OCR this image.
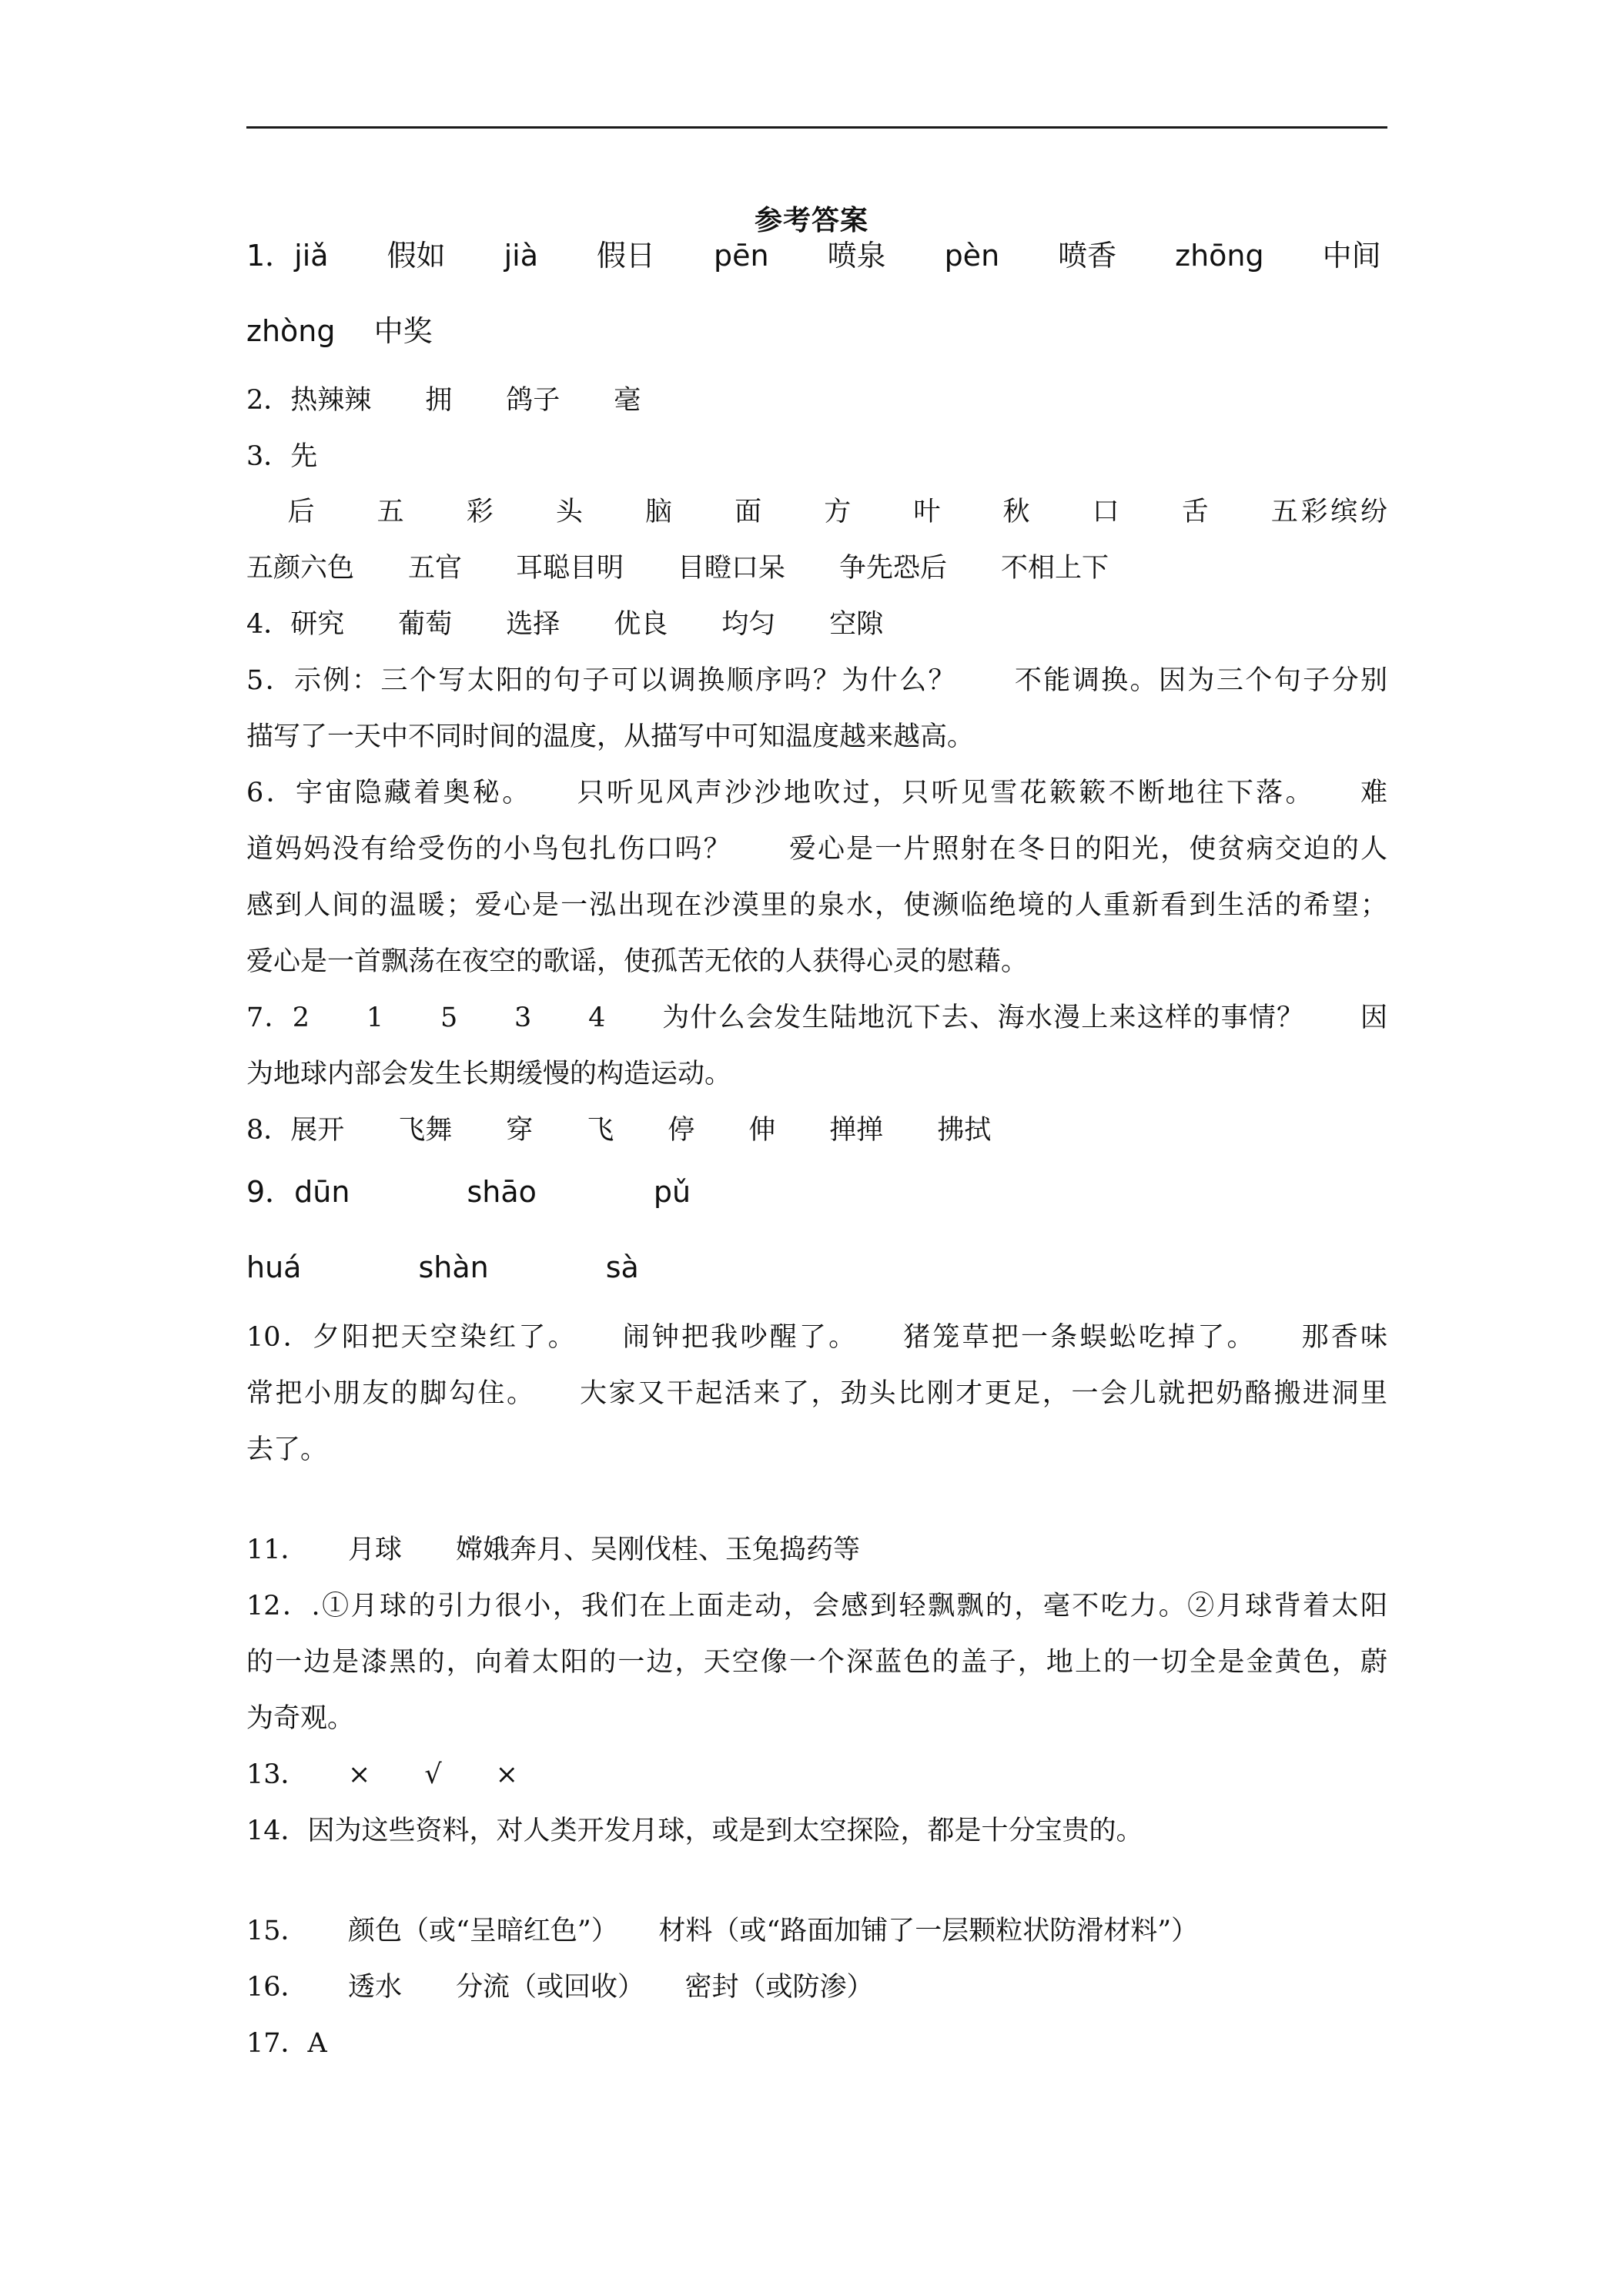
参考答案
1．jiǎ　　假如　　jià　　假日　　pēn　　喷泉　　pèn　　喷香　　zhōng　　中间
zhòng　 中奖
2．热辣辣　　拥　　鸽子　　毫
3．先
　 后　　五　　彩　　头　　脑　　面　　方　　叶　　秋　　口　　舌　　五彩缤纷
五颜六色　　五官　　耳聪目明　　目瞪口呆　　争先恐后　　不相上下
4．研究　　葡萄　　选择　　优良　　均匀　　空隙
5．示例：三个写太阳的句子可以调换顺序吗？为什么？　　不能调换。因为三个句子分别
描写了一天中不同时间的温度，从描写中可知温度越来越高。
6．宇宙隐藏着奥秘。　　只听见风声沙沙地吹过，只听见雪花簌簌不断地往下落。　　难
道妈妈没有给受伤的小鸟包扎伤口吗？　　爱心是一片照射在冬日的阳光，使贫病交迫的人
感到人间的温暖；爱心是一泓出现在沙漠里的泉水，使濒临绝境的人重新看到生活的希望；
爱心是一首飘荡在夜空的歌谣，使孤苦无依的人获得心灵的慰藉。
7．2　　1　　5　　3　　4　　为什么会发生陆地沉下去、海水漫上来这样的事情？　　因
为地球内部会发生长期缓慢的构造运动。
8．展开　　飞舞　　穿　　飞　　停　　伸　　掸掸　　拂拭
9．dūn　　　　shāo　　　　pǔ
huá　　　　shàn　　　　sà
10．夕阳把天空染红了。　　闹钟把我吵醒了。　　猪笼草把一条蜈蚣吃掉了。　　那香味
常把小朋友的脚勾住。　　大家又干起活来了，劲头比刚才更足，一会儿就把奶酪搬进洞里
去了。
11．　　月球　　嫦娥奔月、吴刚伐桂、玉兔捣药等
12．.①月球的引力很小，我们在上面走动，会感到轻飘飘的，毫不吃力。②月球背着太阳
的一边是漆黑的，向着太阳的一边，天空像一个深蓝色的盖子，地上的一切全是金黄色，蔚
为奇观。
13．　　×　　√　　×
14．因为这些资料，对人类开发月球，或是到太空探险，都是十分宝贵的。
15．　　颜色（或“呈暗红色”）　　材料（或“路面加铺了一层颗粒状防滑材料”）
16．　　透水　　分流（或回收）　　密封（或防渗）
17．A
